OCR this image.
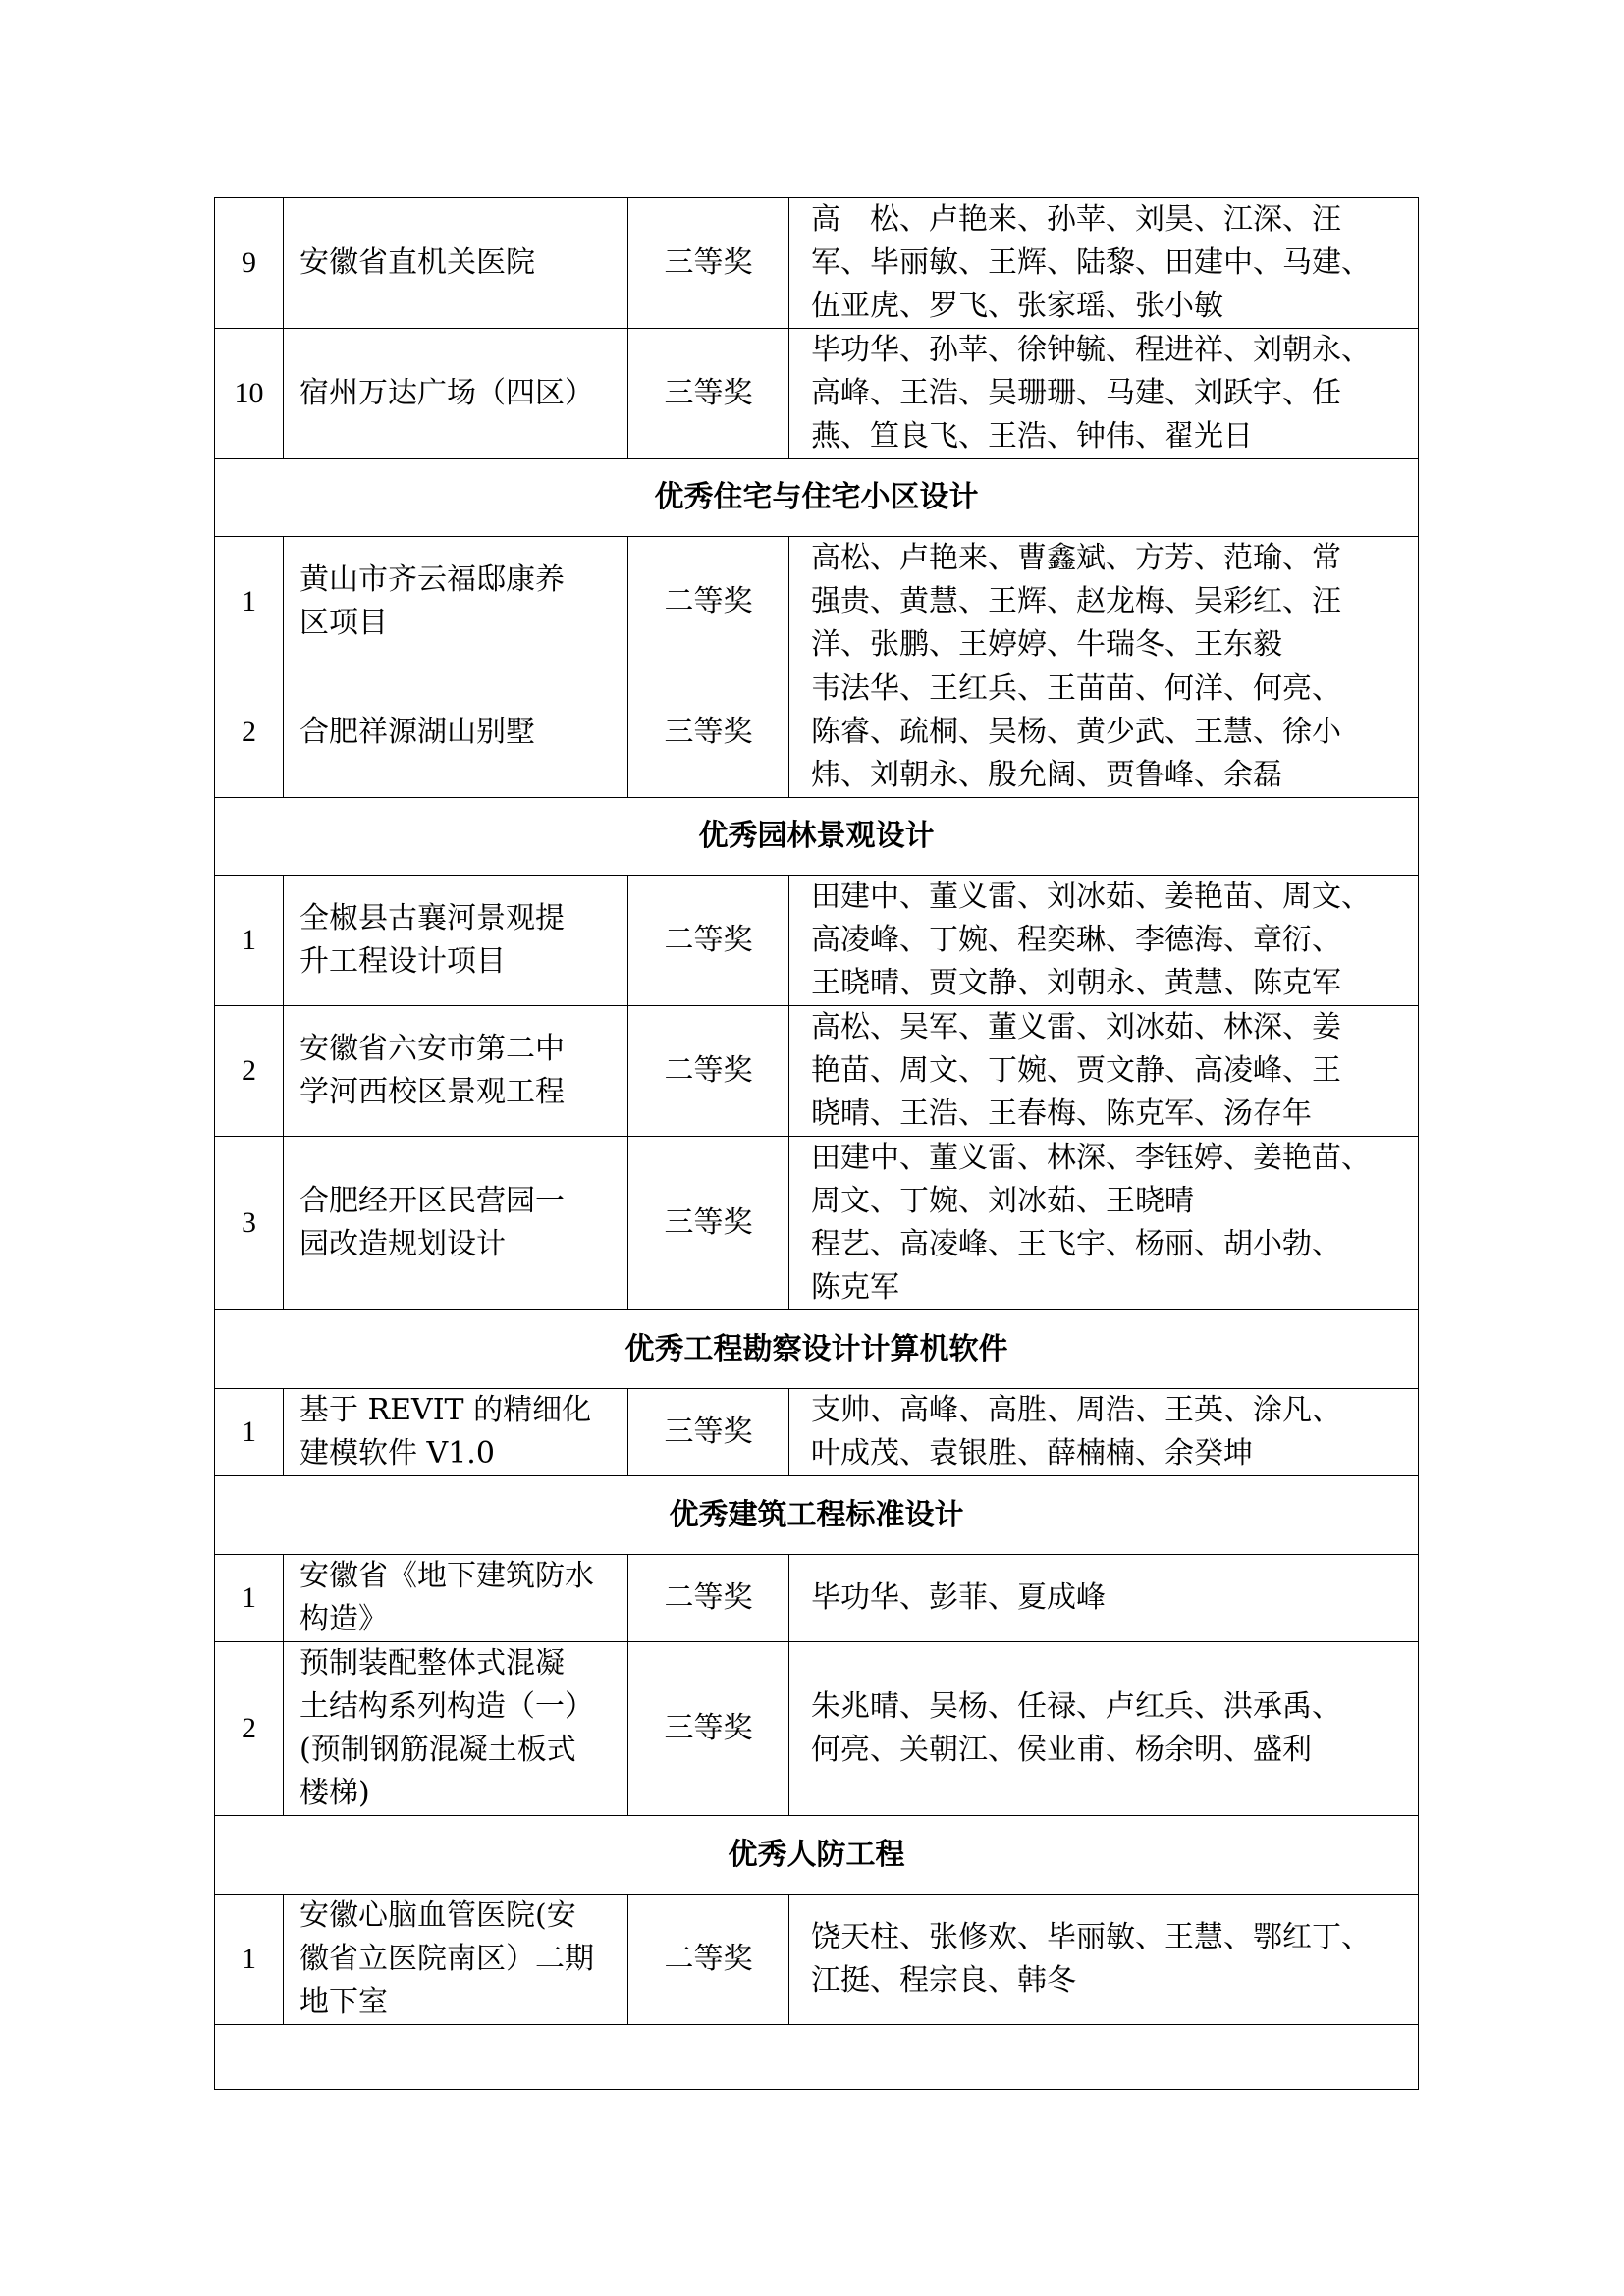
9	安徽省直机关医院	三等奖	高　松、卢艳来、孙苹、刘昊、江深、汪
军、毕丽敏、王辉、陆黎、田建中、马建、
伍亚虎、罗飞、张家瑶、张小敏

10	宿州万达广场（四区）	三等奖	毕功华、孙苹、徐钟毓、程进祥、刘朝永、
高峰、王浩、吴珊珊、马建、刘跃宇、任
燕、笪良飞、王浩、钟伟、翟光日

优秀住宅与住宅小区设计			
1	黄山市齐云福邸康养
区项目	二等奖	高松、卢艳来、曹鑫斌、方芳、范瑜、常
强贵、黄慧、王辉、赵龙梅、吴彩红、汪
洋、张鹏、王婷婷、牛瑞冬、王东毅

2	合肥祥源湖山别墅	三等奖	韦法华、王红兵、王苗苗、何洋、何亮、
陈睿、疏桐、吴杨、黄少武、王慧、徐小
炜、刘朝永、殷允阔、贾鲁峰、余磊

优秀园林景观设计			
1	全椒县古襄河景观提
升工程设计项目	二等奖	田建中、董义雷、刘冰茹、姜艳苗、周文、
高凌峰、丁婉、程奕琳、李德海、章衍、
王晓晴、贾文静、刘朝永、黄慧、陈克军

2	安徽省六安市第二中
学河西校区景观工程	二等奖	高松、吴军、董义雷、刘冰茹、林深、姜
艳苗、周文、丁婉、贾文静、高凌峰、王
晓晴、王浩、王春梅、陈克军、汤存年

3	合肥经开区民营园一
园改造规划设计	三等奖	田建中、董义雷、林深、李钰婷、姜艳苗、
周文、丁婉、刘冰茹、王晓晴
程艺、高凌峰、王飞宇、杨丽、胡小勃、
陈克军

优秀工程勘察设计计算机软件			
1	基于 REVIT 的精细化
建模软件 V1.0	三等奖	支帅、高峰、高胜、周浩、王英、涂凡、
叶成茂、袁银胜、薛楠楠、余癸坤

优秀建筑工程标准设计			
1	安徽省《地下建筑防水
构造》	二等奖	毕功华、彭菲、夏成峰

2	预制装配整体式混凝
土结构系列构造（一）
(预制钢筋混凝土板式
楼梯)	三等奖	朱兆晴、吴杨、任禄、卢红兵、洪承禹、
何亮、关朝江、侯业甫、杨余明、盛利

优秀人防工程			
1	安徽心脑血管医院(安
徽省立医院南区）二期
地下室	二等奖	饶天柱、张修欢、毕丽敏、王慧、鄂红丁、
江挺、程宗良、韩冬
